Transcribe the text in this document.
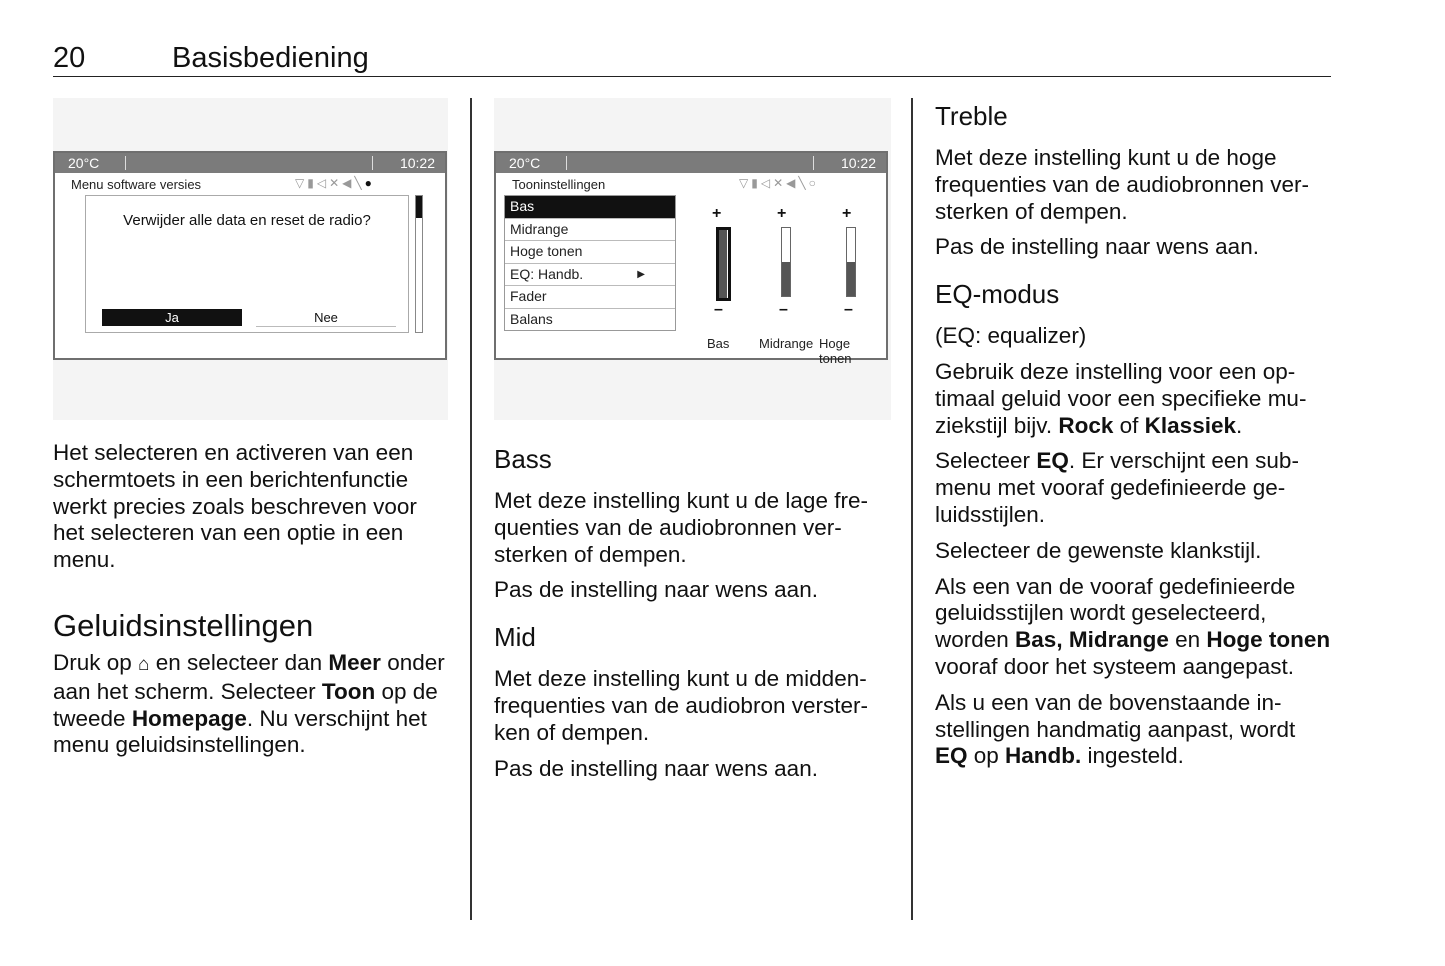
20	Basisbediening
20°C	10:22
Menu software versies	▽▮◁✕◀╲●
Verwijder alle data en reset de radio?
Ja	Nee
20°C	10:22
Tooninstellingen	▽▮◁✕◀╲○
Bas
Midrange
Hoge tonen
EQ: Handb.	▶
Fader
Balans
+
–
+
–
+
–
Bas Midrange Hoge tonen

Het selecteren en activeren van een schermtoets in een berichtenfunctie werkt precies zoals beschreven voor het selecteren van een optie in een menu.

Geluidsinstellingen

Druk op ⌂ en selecteer dan Meer onder aan het scherm. Selecteer Toon op de tweede Homepage. Nu verschijnt het menu geluidsinstellingen.

Bass

Met deze instelling kunt u de lage frequenties van de audiobronnen versterken of dempen.

Pas de instelling naar wens aan.

Mid

Met deze instelling kunt u de middenfrequenties van de audiobron versterken of dempen.

Pas de instelling naar wens aan.

Treble

Met deze instelling kunt u de hoge frequenties van de audiobronnen versterken of dempen.

Pas de instelling naar wens aan.

EQ-modus

(EQ: equalizer)

Gebruik deze instelling voor een optimaal geluid voor een specifieke muziekstijl bijv. Rock of Klassiek.

Selecteer EQ. Er verschijnt een submenu met vooraf gedefinieerde geluidsstijlen.

Selecteer de gewenste klankstijl.

Als een van de vooraf gedefinieerde geluidsstijlen wordt geselecteerd, worden Bas, Midrange en Hoge tonen vooraf door het systeem aangepast.

Als u een van de bovenstaande instellingen handmatig aanpast, wordt EQ op Handb. ingesteld.
